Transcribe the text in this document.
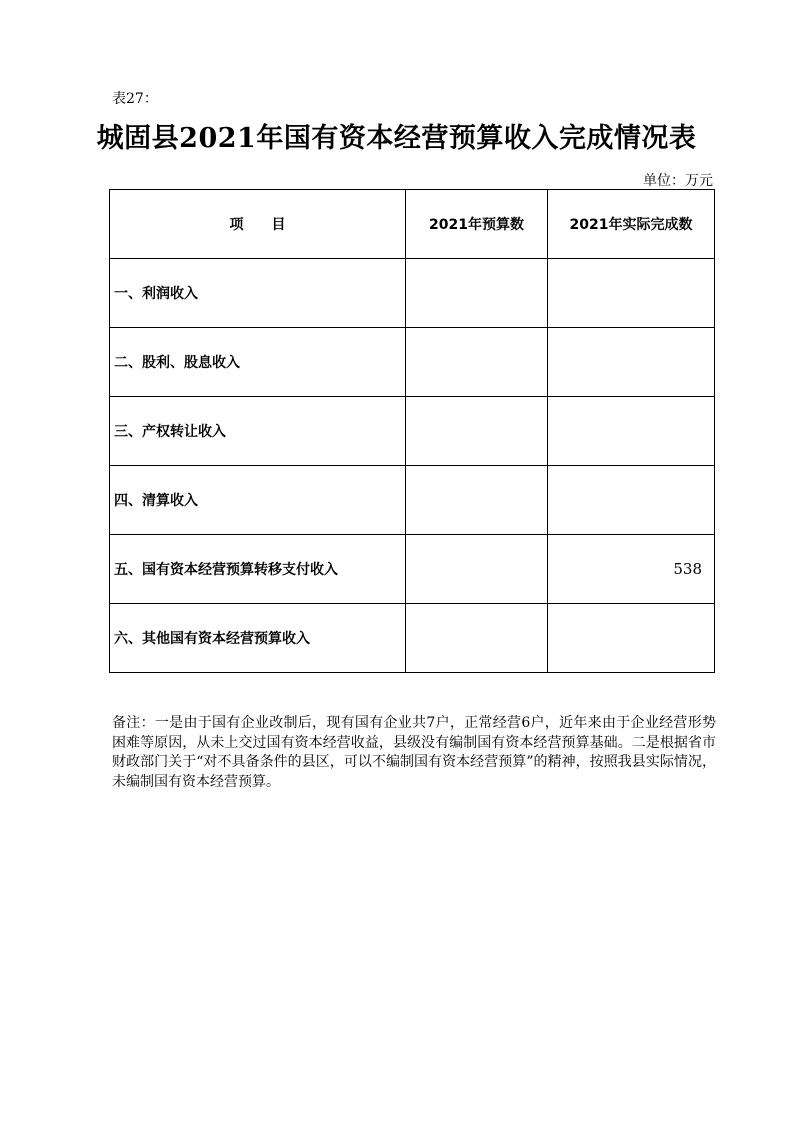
表27：
城固县2021年国有资本经营预算收入完成情况表
单位：万元
项　　目	2021年预算数	2021年实际完成数
一、利润收入		
二、股利、股息收入		
三、产权转让收入		
四、清算收入		
五、国有资本经营预算转移支付收入		538
六、其他国有资本经营预算收入		
备注：一是由于国有企业改制后，现有国有企业共7户，正常经营6户，近年来由于企业经营形势困难等原因，从未上交过国有资本经营收益，县级没有编制国有资本经营预算基础。二是根据省市财政部门关于“对不具备条件的县区，可以不编制国有资本经营预算”的精神，按照我县实际情况，未编制国有资本经营预算。
